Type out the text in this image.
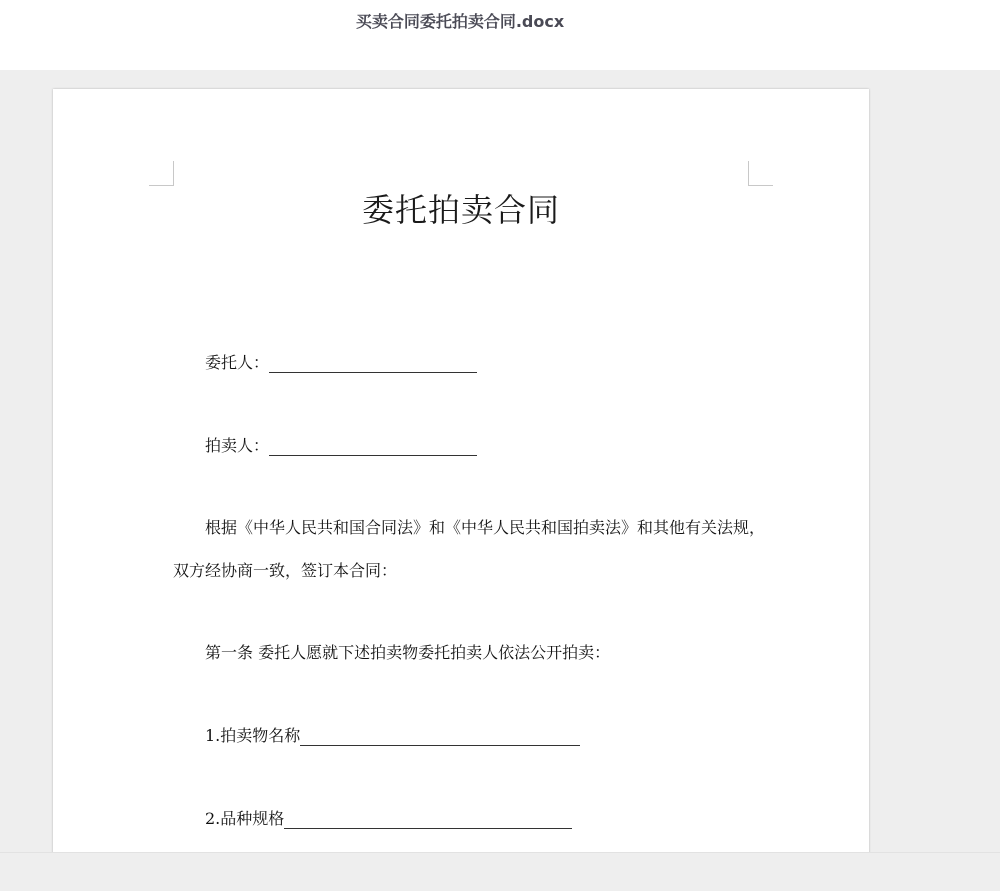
买卖合同委托拍卖合同.docx
委托拍卖合同
委托人：
拍卖人：
根据《中华人民共和国合同法》和《中华人民共和国拍卖法》和其他有关法规，
双方经协商一致，签订本合同：
第一条 委托人愿就下述拍卖物委托拍卖人依法公开拍卖：
1.拍卖物名称
2.品种规格
